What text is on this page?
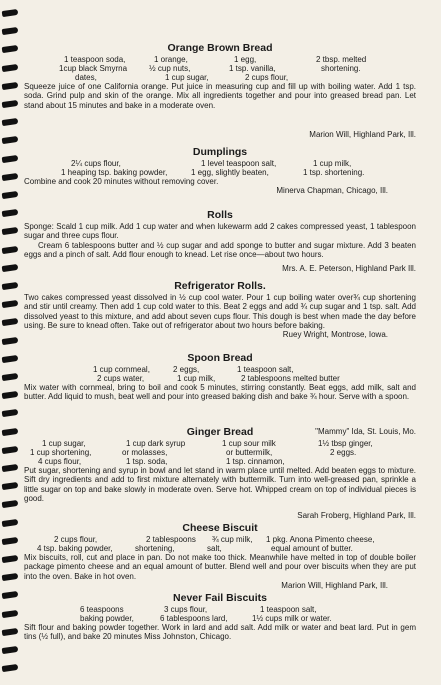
Orange Brown Bread
1 teaspoon soda,	1 orange,	1 egg,	2 tbsp. melted
1cup black Smyrna	½ cup nuts,	1 tsp. vanilla,	shortening.
dates,	1 cup sugar,	2 cups flour,

Squeeze juice of one California orange. Put juice in measuring cup and fill up with boiling water. Add 1 tsp. soda. Grind pulp and skin of the orange. Mix all ingredients together and pour into greased bread pan. Let stand about 15 minutes and bake in a moderate oven.

Marion Will, Highland Park, Ill.

Dumplings
2¼ cups flour,	1 level teaspoon salt,	1 cup milk,
1 heaping tsp. baking powder,	1 egg, slightly beaten,	1 tsp. shortening.

Combine and cook 20 minutes without removing cover.

Minerva Chapman, Chicago, Ill.

Rolls

Sponge: Scald 1 cup milk. Add 1 cup water and when lukewarm add 2 cakes compressed yeast, 1 tablespoon sugar and three cups flour.

Cream 6 tablespoons butter and ½ cup sugar and add sponge to butter and sugar mixture. Add 3 beaten eggs and a pinch of salt. Add flour enough to knead. Let rise once—about two hours.

Mrs. A. E. Peterson, Highland Park Ill.

Refrigerator Rolls.

Two cakes compressed yeast dissolved in ½ cup cool water. Pour 1 cup boiling water over¾ cup shortening and stir until creamy. Then add 1 cup cold water to this. Beat 2 eggs and add ¾ cup sugar and 1 tsp. salt. Add dissolved yeast to this mixture, and add about seven cups flour. This dough is best when made the day before using. Be sure to knead often. Take out of refrigerator about two hours before baking.

Ruey Wright, Montrose, Iowa.

Spoon Bread
1 cup cornmeal,	2 eggs,	1 teaspoon salt,
2 cups water,	1 cup milk,	2 tablespoons melted butter

Mix water with cornmeal, bring to boil and cook 5 minutes, stirring constantly. Beat eggs, add milk, salt and butter. Add liquid to mush, beat well and pour into greased baking dish and bake ¾ hour. Serve with a spoon.

"Mammy" Ida, St. Louis, Mo.

Ginger Bread
1 cup sugar,	1 cup dark syrup	1 cup sour milk	1½ tbsp ginger,
1 cup shortening,	or molasses,	or buttermilk,	2 eggs.
4 cups flour,	1 tsp. soda,	1 tsp. cinnamon,

Put sugar, shortening and syrup in bowl and let stand in warm place until melted. Add beaten eggs to mixture. Sift dry ingredients and add to first mixture alternately with buttermilk. Turn into well-greased pan, sprinkle a little sugar on top and bake slowly in moderate oven. Serve hot. Whipped cream on top of individual pieces is good.

Sarah Froberg, Highland Park, Ill.

Cheese Biscuit
2 cups flour,	2 tablespoons	¾ cup milk,	1 pkg. Anona Pimento cheese,
4 tsp. baking powder,	shortening,	salt,	equal amount of butter.

Mix biscuits, roll, cut and place in pan. Do not make too thick. Meanwhile have melted in top of double boiler package pimento cheese and an equal amount of butter. Blend well and pour over biscuits when they are put into the oven. Bake in hot oven.

Marion Will, Highland Park, Ill.

Never Fail Biscuits
6 teaspoons	3 cups flour,	1 teaspoon salt,
baking powder,	6 tablespoons lard,	1½ cups milk or water.

Sift flour and baking powder together. Work in lard and add salt. Add milk or water and beat lard. Put in gem tins (½ full), and bake 20 minutes Miss Johnston, Chicago.
